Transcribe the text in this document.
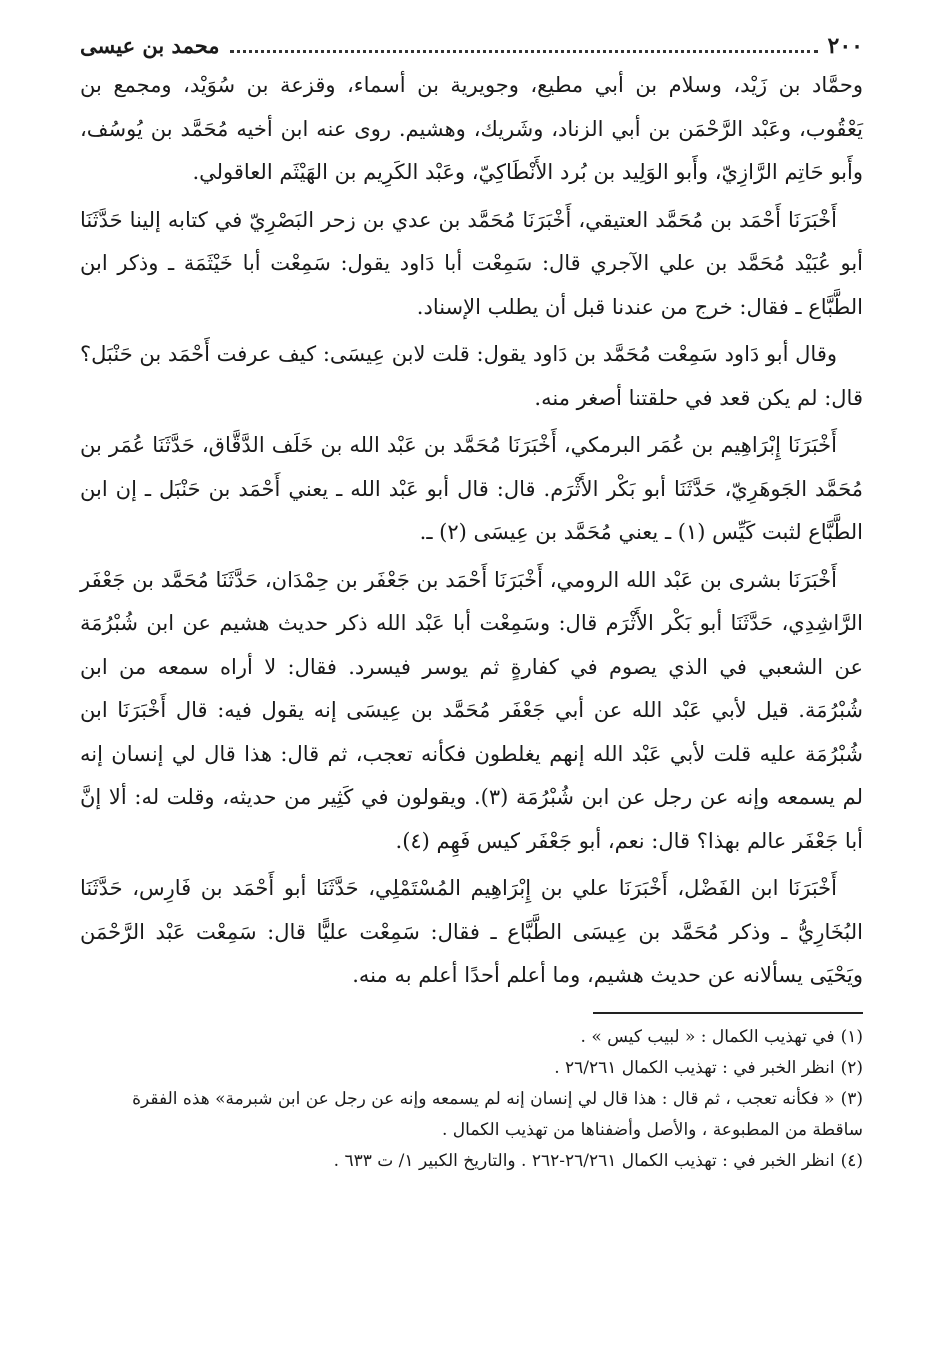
٢٠٠
محمد بن عيسى

وحمَّاد بن زَيْد، وسلام بن أبي مطيع، وجويرية بن أسماء، وقزعة بن سُوَيْد، ومجمع بن يَعْقُوب، وعَبْد الرَّحْمَن بن أبي الزناد، وشَريك، وهشيم. روى عنه ابن أخيه مُحَمَّد بن يُوسُف، وأَبو حَاتِم الرَّازِيّ، وأَبو الوَلِيد بن بُرد الأَنْطَاكِيّ، وعَبْد الكَرِيم بن الهَيْثَم العاقولي.

أَخْبَرَنَا أَحْمَد بن مُحَمَّد العتيقي، أَخْبَرَنَا مُحَمَّد بن عدي بن زحر البَصْرِيّ في كتابه إلينا حَدَّثَنَا أبو عُبَيْد مُحَمَّد بن علي الآجري قال: سَمِعْت أبا دَاود يقول: سَمِعْت أبا خَيْثَمَة ـ وذكر ابن الطَّبَّاع ـ فقال: خرج من عندنا قبل أن يطلب الإسناد.

وقال أبو دَاود سَمِعْت مُحَمَّد بن دَاود يقول: قلت لابن عِيسَى: كيف عرفت أَحْمَد بن حَنْبَل؟ قال: لم يكن قعد في حلقتنا أصغر منه.

أَخْبَرَنَا إِبْرَاهِيم بن عُمَر البرمكي، أَخْبَرَنَا مُحَمَّد بن عَبْد الله بن خَلَف الدَّقَّاق، حَدَّثَنَا عُمَر بن مُحَمَّد الجَوهَرِيّ، حَدَّثَنَا أبو بَكْر الأَثْرَم. قال: قال أبو عَبْد الله ـ يعني أَحْمَد بن حَنْبَل ـ إن ابن الطَّبَّاع لثبت كَيِّس (١) ـ يعني مُحَمَّد بن عِيسَى (٢) ـ.

أَخْبَرَنَا بشرى بن عَبْد الله الرومي، أَخْبَرَنَا أَحْمَد بن جَعْفَر بن حِمْدَان، حَدَّثَنَا مُحَمَّد بن جَعْفَر الرَّاشِدِي، حَدَّثَنَا أبو بَكْر الأَثْرَم قال: وسَمِعْت أبا عَبْد الله ذكر حديث هشيم عن ابن شُبْرُمَة عن الشعبي في الذي يصوم في كفارةٍ ثم يوسر فيسرد. فقال: لا أراه سمعه من ابن شُبْرُمَة. قيل لأبي عَبْد الله عن أبي جَعْفَر مُحَمَّد بن عِيسَى إنه يقول فيه: قال أَخْبَرَنَا ابن شُبْرُمَة عليه قلت لأبي عَبْد الله إنهم يغلطون فكأنه تعجب، ثم قال: هذا قال لي إنسان إنه لم يسمعه وإنه عن رجل عن ابن شُبْرُمَة (٣). ويقولون في كَثِير من حديثه، وقلت له: ألا إنَّ أبا جَعْفَر عالم بهذا؟ قال: نعم، أبو جَعْفَر كيس فَهِم (٤).

أَخْبَرَنَا ابن الفَضْل، أَخْبَرَنَا علي بن إِبْرَاهِيم المُسْتَمْلِي، حَدَّثَنَا أبو أَحْمَد بن فَارِس، حَدَّثَنَا البُخَارِيُّ ـ وذكر مُحَمَّد بن عِيسَى الطَّبَّاع ـ فقال: سَمِعْت عليًّا قال: سَمِعْت عَبْد الرَّحْمَن ويَحْيَى يسألانه عن حديث هشيم، وما أعلم أحدًا أعلم به منه.

(١)في تهذيب الكمال : « لبيب كيس » .

(٢)انظر الخبر في : تهذيب الكمال ٢٦/٢٦١ .

(٣)« فكأنه تعجب ، ثم قال : هذا قال لي إنسان إنه لم يسمعه وإنه عن رجل عن ابن شبرمة» هذه الفقرة ساقطة من المطبوعة ، والأصل وأضفناها من تهذيب الكمال .

(٤)انظر الخبر في : تهذيب الكمال ٢٦/٢٦١-٢٦٢ . والتاريخ الكبير ١/ ت ٦٣٣ .
